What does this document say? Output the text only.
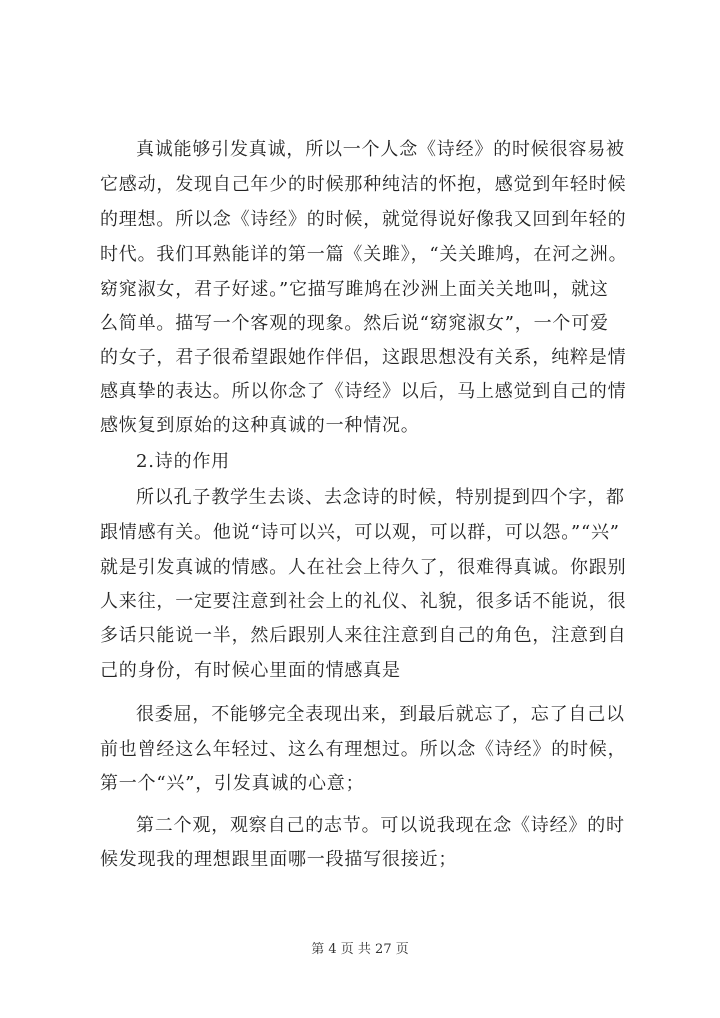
真诚能够引发真诚，所以一个人念《诗经》的时候很容易被
它感动，发现自己年少的时候那种纯洁的怀抱，感觉到年轻时候
的理想。所以念《诗经》的时候，就觉得说好像我又回到年轻的
时代。我们耳熟能详的第一篇《关雎》，“关关雎鸠，在河之洲。
窈窕淑女，君子好逑。”它描写雎鸠在沙洲上面关关地叫，就这
么简单。描写一个客观的现象。然后说“窈窕淑女”，一个可爱
的女子，君子很希望跟她作伴侣，这跟思想没有关系，纯粹是情
感真挚的表达。所以你念了《诗经》以后，马上感觉到自己的情
感恢复到原始的这种真诚的一种情况。
2.诗的作用
所以孔子教学生去谈、去念诗的时候，特别提到四个字，都
跟情感有关。他说“诗可以兴，可以观，可以群，可以怨。”“兴”
就是引发真诚的情感。人在社会上待久了，很难得真诚。你跟别
人来往，一定要注意到社会上的礼仪、礼貌，很多话不能说，很
多话只能说一半，然后跟别人来往注意到自己的角色，注意到自
己的身份，有时候心里面的情感真是
很委屈，不能够完全表现出来，到最后就忘了，忘了自己以
前也曾经这么年轻过、这么有理想过。所以念《诗经》的时候，
第一个“兴”，引发真诚的心意；
第二个观，观察自己的志节。可以说我现在念《诗经》的时
候发现我的理想跟里面哪一段描写很接近；
第 4 页 共 27 页
